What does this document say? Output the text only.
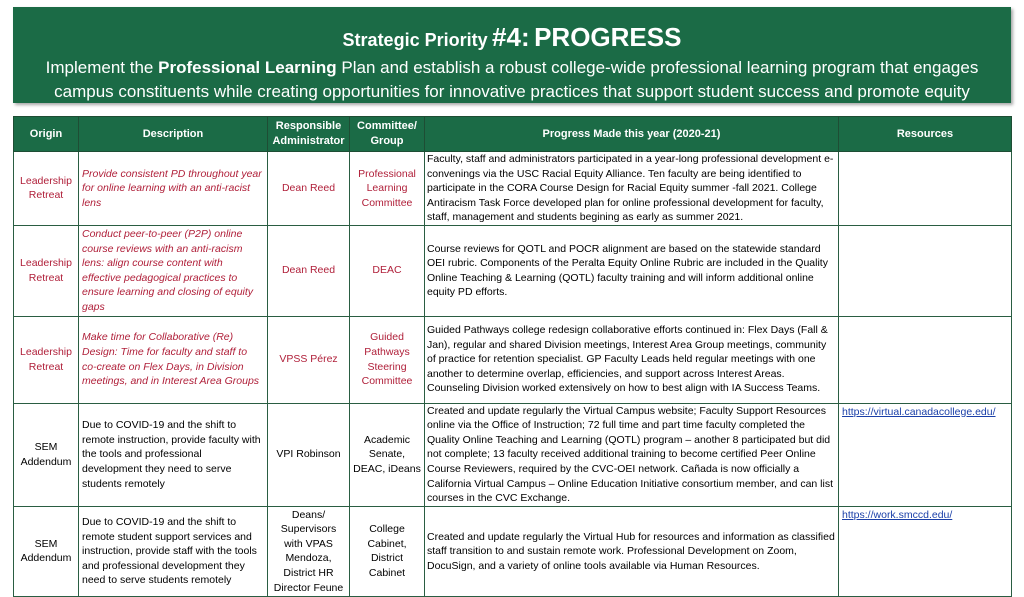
Strategic Priority #4: PROGRESS
Implement the Professional Learning Plan and establish a robust college-wide professional learning program that engages campus constituents while creating opportunities for innovative practices that support student success and promote equity
Origin	Description	Responsible Administrator	Committee/ Group	Progress Made this year (2020-21)	Resources
Leadership Retreat	Provide consistent PD throughout year for online learning with an anti-racist lens	Dean Reed	Professional Learning Committee	Faculty, staff and administrators participated in a year-long professional development e-convenings via the USC Racial Equity Alliance. Ten faculty are being identified to participate in the CORA Course Design for Racial Equity summer -fall 2021. College Antiracism Task Force developed plan for online professional development for faculty, staff, management and students begining as early as summer 2021.	
Leadership Retreat	Conduct peer-to-peer (P2P) online course reviews with an anti-racism lens: align course content with effective pedagogical practices to ensure learning and closing of equity gaps	Dean Reed	DEAC	Course reviews for QOTL and POCR alignment are based on the statewide standard OEI rubric. Components of the Peralta Equity Online Rubric are included in the Quality Online Teaching & Learning (QOTL) faculty training and will inform additional online equity PD efforts.	
Leadership Retreat	Make time for Collaborative (Re) Design: Time for faculty and staff to co-create on Flex Days, in Division meetings, and in Interest Area Groups	VPSS Pérez	Guided Pathways Steering Committee	Guided Pathways college redesign collaborative efforts continued in: Flex Days (Fall & Jan), regular and shared Division meetings, Interest Area Group meetings, community of practice for retention specialist. GP Faculty Leads held regular meetings with one another to determine overlap, efficiencies, and support across Interest Areas. Counseling Division worked extensively on how to best align with IA Success Teams.	
SEM Addendum	Due to COVID-19 and the shift to remote instruction, provide faculty with the tools and professional development they need to serve students remotely	VPI Robinson	Academic Senate, DEAC, iDeans	Created and update regularly the Virtual Campus website; Faculty Support Resources online via the Office of Instruction; 72 full time and part time faculty completed the Quality Online Teaching and Learning (QOTL) program – another 8 participated but did not complete; 13 faculty received additional training to become certified Peer Online Course Reviewers, required by the CVC-OEI network. Cañada is now officially a California Virtual Campus – Online Education Initiative consortium member, and can list courses in the CVC Exchange.	https://virtual.canadacollege.edu/
SEM Addendum	Due to COVID-19 and the shift to remote student support services and instruction, provide staff with the tools and professional development they need to serve students remotely	Deans/ Supervisors with VPAS Mendoza, District HR Director Feune	College Cabinet, District Cabinet	Created and update regularly the Virtual Hub for resources and information as classified staff transition to and sustain remote work. Professional Development on Zoom, DocuSign, and a variety of online tools available via Human Resources.	https://work.smccd.edu/
